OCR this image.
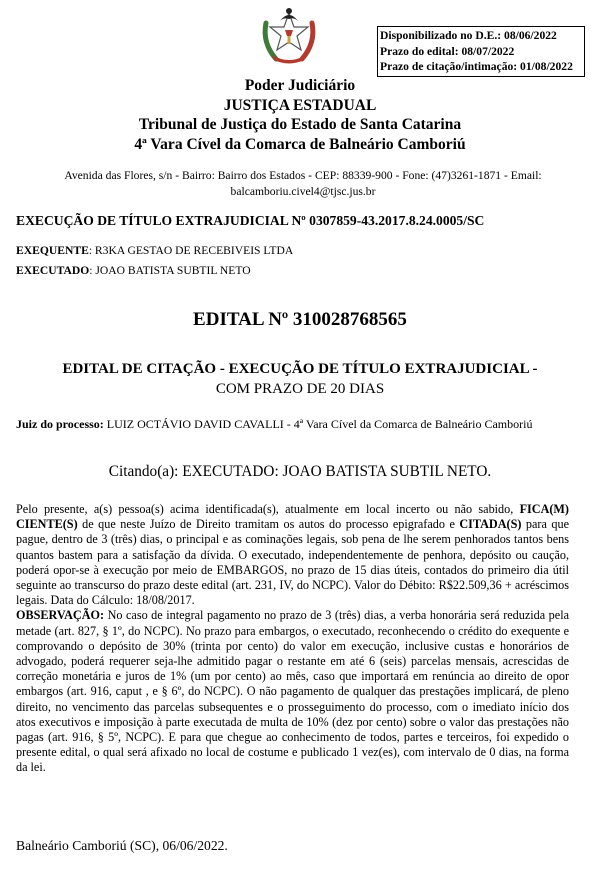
Disponibilizado no D.E.: 08/06/2022
Prazo do edital: 08/07/2022
Prazo de citação/intimação: 01/08/2022
Poder Judiciário
JUSTIÇA ESTADUAL
Tribunal de Justiça do Estado de Santa Catarina
4ª Vara Cível da Comarca de Balneário Camboriú
Avenida das Flores, s/n - Bairro: Bairro dos Estados - CEP: 88339-900 - Fone: (47)3261-1871 - Email:
balcamboriu.civel4@tjsc.jus.br
EXECUÇÃO DE TÍTULO EXTRAJUDICIAL Nº 0307859-43.2017.8.24.0005/SC
EXEQUENTE: R3KA GESTAO DE RECEBIVEIS LTDA
EXECUTADO: JOAO BATISTA SUBTIL NETO
EDITAL Nº 310028768565
EDITAL DE CITAÇÃO - EXECUÇÃO DE TÍTULO EXTRAJUDICIAL -
COM PRAZO DE 20 DIAS
Juiz do processo: LUIZ OCTÁVIO DAVID CAVALLI - 4ª Vara Cível da Comarca de Balneário Camboriú
Citando(a): EXECUTADO: JOAO BATISTA SUBTIL NETO.

Pelo presente, a(s) pessoa(s) acima identificada(s), atualmente em local incerto ou não sabido, FICA(M) CIENTE(S) de que neste Juízo de Direito tramitam os autos do processo epigrafado e CITADA(S) para que pague, dentro de 3 (três) dias, o principal e as cominações legais, sob pena de lhe serem penhorados tantos bens quantos bastem para a satisfação da dívida. O executado, independentemente de penhora, depósito ou caução, poderá opor-se à execução por meio de EMBARGOS, no prazo de 15 dias úteis, contados do primeiro dia útil seguinte ao transcurso do prazo deste edital (art. 231, IV, do NCPC). Valor do Débito: R$22.509,36 + acréscimos legais. Data do Cálculo: 18/08/2017.

OBSERVAÇÃO: No caso de integral pagamento no prazo de 3 (três) dias, a verba honorária será reduzida pela metade (art. 827, § 1º, do NCPC). No prazo para embargos, o executado, reconhecendo o crédito do exequente e comprovando o depósito de 30% (trinta por cento) do valor em execução, inclusive custas e honorários de advogado, poderá requerer seja-lhe admitido pagar o restante em até 6 (seis) parcelas mensais, acrescidas de correção monetária e juros de 1% (um por cento) ao mês, caso que importará em renúncia ao direito de opor embargos (art. 916, caput , e § 6º, do NCPC). O não pagamento de qualquer das prestações implicará, de pleno direito, no vencimento das parcelas subsequentes e o prosseguimento do processo, com o imediato início dos atos executivos e imposição à parte executada de multa de 10% (dez por cento) sobre o valor das prestações não pagas (art. 916, § 5º, NCPC). E para que chegue ao conhecimento de todos, partes e terceiros, foi expedido o presente edital, o qual será afixado no local de costume e publicado 1 vez(es), com intervalo de 0 dias, na forma da lei.

Balneário Camboriú (SC), 06/06/2022.
